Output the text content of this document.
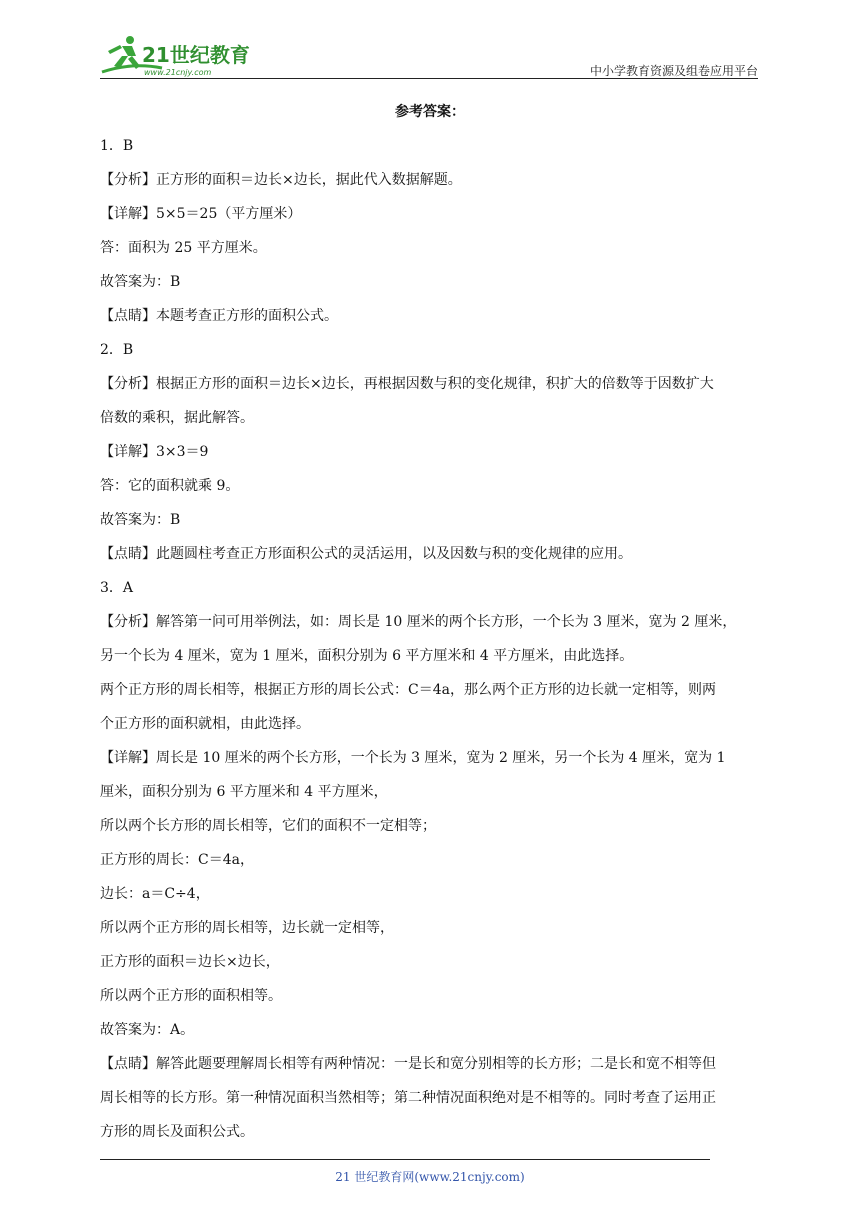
21世纪教育
www.21cnjy.com	中小学教育资源及组卷应用平台
参考答案：
1．B
【分析】正方形的面积＝边长×边长，据此代入数据解题。
【详解】5×5＝25（平方厘米）
答：面积为 25 平方厘米。
故答案为：B
【点睛】本题考查正方形的面积公式。
2．B
【分析】根据正方形的面积＝边长×边长，再根据因数与积的变化规律，积扩大的倍数等于因数扩大
倍数的乘积，据此解答。
【详解】3×3＝9
答：它的面积就乘 9。
故答案为：B
【点睛】此题圆柱考查正方形面积公式的灵活运用，以及因数与积的变化规律的应用。
3．A
【分析】解答第一问可用举例法，如：周长是 10 厘米的两个长方形，一个长为 3 厘米，宽为 2 厘米，
另一个长为 4 厘米，宽为 1 厘米，面积分别为 6 平方厘米和 4 平方厘米，由此选择。
两个正方形的周长相等，根据正方形的周长公式：C＝4a，那么两个正方形的边长就一定相等，则两
个正方形的面积就相，由此选择。
【详解】周长是 10 厘米的两个长方形，一个长为 3 厘米，宽为 2 厘米，另一个长为 4 厘米，宽为 1
厘米，面积分别为 6 平方厘米和 4 平方厘米，
所以两个长方形的周长相等，它们的面积不一定相等；
正方形的周长：C＝4a，
边长：a＝C÷4，
所以两个正方形的周长相等，边长就一定相等，
正方形的面积＝边长×边长，
所以两个正方形的面积相等。
故答案为：A。
【点睛】解答此题要理解周长相等有两种情况：一是长和宽分别相等的长方形；二是长和宽不相等但
周长相等的长方形。第一种情况面积当然相等；第二种情况面积绝对是不相等的。同时考查了运用正
方形的周长及面积公式。
21 世纪教育网(www.21cnjy.com)
